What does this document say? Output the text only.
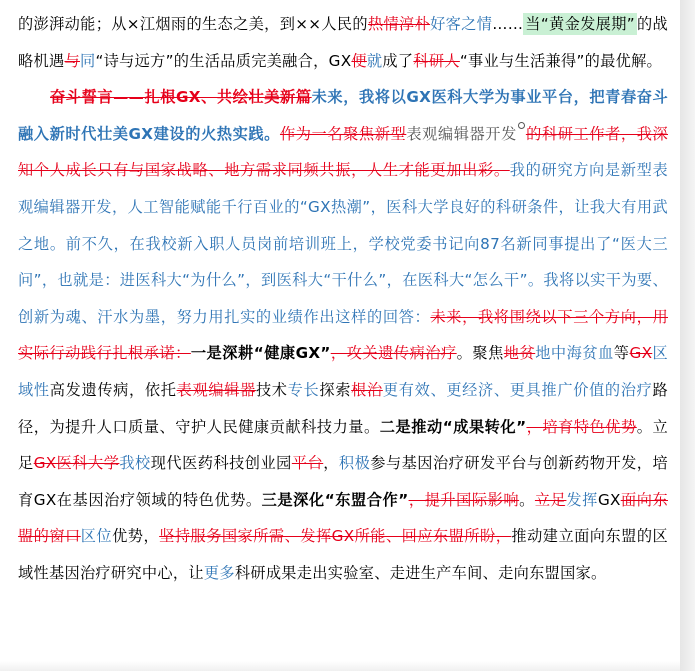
的澎湃动能；从×江烟雨的生态之美，到××人民的热情淳朴好客之情…… 当“黄金发展期” 的战略机遇与同“诗与远方”的生活品质完美融合，GX便就成了科研人“事业与生活兼得”的最优解。

奋斗誓言——扎根GX、共绘壮美新篇未来，我将以GX医科大学为事业平台，把青春奋斗融入新时代壮美GX建设的火热实践。作为一名聚焦新型表观编辑器开发 的科研工作者，我深知个人成长只有与国家战略、地方需求同频共振，人生才能更加出彩。我的研究方向是新型表观编辑器开发，人工智能赋能千行百业的“GX热潮”，医科大学良好的科研条件，让我大有用武之地。前不久，在我校新入职人员岗前培训班上，学校党委书记向87名新同事提出了“医大三问”，也就是：进医科大“为什么”，到医科大“干什么”，在医科大“怎么干”。我将以实干为要、创新为魂、汗水为墨，努力用扎实的业绩作出这样的回答：未来，我将围绕以下三个方向，用实际行动践行扎根承诺：一是深耕“健康GX”，攻关遗传病治疗。聚焦地贫地中海贫血等GX区域性高发遗传病，依托表观编辑器技术专长探索根治更有效、更经济、更具推广价值的治疗路径，为提升人口质量、守护人民健康贡献科技力量。二是推动“成果转化”，培育特色优势。立足GX医科大学我校现代医药科技创业园平台，积极参与基因治疗研发平台与创新药物开发，培育GX在基因治疗领域的特色优势。三是深化“东盟合作”，提升国际影响。立足发挥GX面向东盟的窗口区位优势，坚持服务国家所需、发挥GX所能、回应东盟所盼，推动建立面向东盟的区域性基因治疗研究中心，让更多科研成果走出实验室、走进生产车间、走向东盟国家。
